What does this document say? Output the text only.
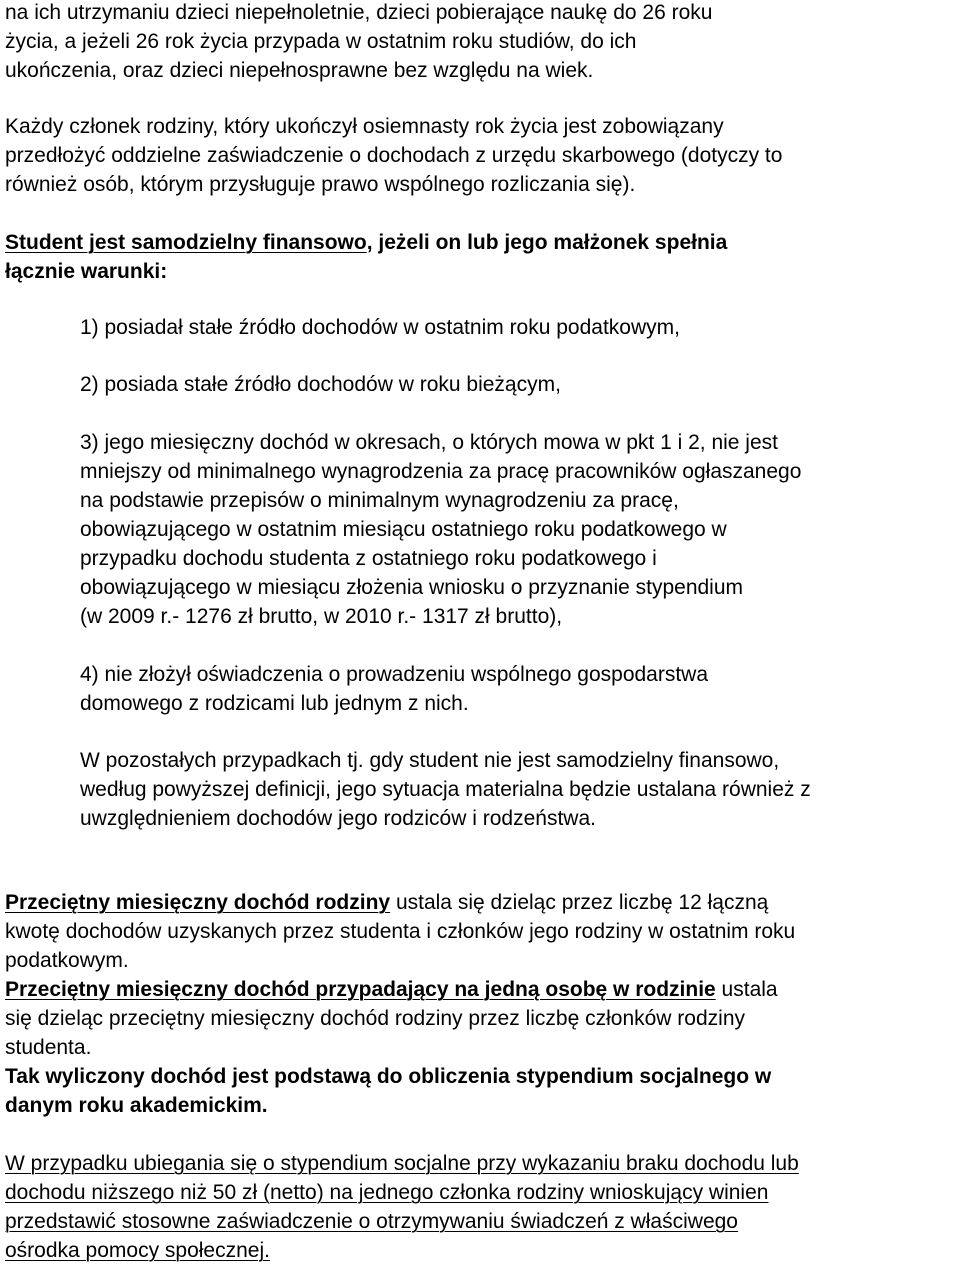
na ich utrzymaniu dzieci niepełnoletnie, dzieci pobierające naukę do 26 roku
życia, a jeżeli 26 rok życia przypada w ostatnim roku studiów, do ich
ukończenia, oraz dzieci niepełnosprawne bez względu na wiek.
Każdy członek rodziny, który ukończył osiemnasty rok życia jest zobowiązany
przedłożyć oddzielne zaświadczenie o dochodach z urzędu skarbowego (dotyczy to
również osób, którym przysługuje prawo wspólnego rozliczania się).
Student jest samodzielny finansowo, jeżeli on lub jego małżonek spełnia
łącznie warunki:
1) posiadał stałe źródło dochodów w ostatnim roku podatkowym,
2) posiada stałe źródło dochodów w roku bieżącym,
3) jego miesięczny dochód w okresach, o których mowa w pkt 1 i 2, nie jest
mniejszy od minimalnego wynagrodzenia za pracę pracowników ogłaszanego
na podstawie przepisów o minimalnym wynagrodzeniu za pracę,
obowiązującego w ostatnim miesiącu ostatniego roku podatkowego w
przypadku dochodu studenta z ostatniego roku podatkowego i
obowiązującego w miesiącu złożenia wniosku o przyznanie stypendium
(w 2009 r.- 1276 zł brutto, w 2010 r.- 1317 zł brutto),
4) nie złożył oświadczenia o prowadzeniu wspólnego gospodarstwa
domowego z rodzicami lub jednym z nich.
W pozostałych przypadkach tj. gdy student nie jest samodzielny finansowo,
według powyższej definicji, jego sytuacja materialna będzie ustalana również z
uwzględnieniem dochodów jego rodziców i rodzeństwa.
Przeciętny miesięczny dochód rodziny ustala się dzieląc przez liczbę 12 łączną
kwotę dochodów uzyskanych przez studenta i członków jego rodziny w ostatnim roku
podatkowym.
Przeciętny miesięczny dochód przypadający na jedną osobę w rodzinie ustala
się dzieląc przeciętny miesięczny dochód rodziny przez liczbę członków rodziny
studenta.
Tak wyliczony dochód jest podstawą do obliczenia stypendium socjalnego w
danym roku akademickim.
W przypadku ubiegania się o stypendium socjalne przy wykazaniu braku dochodu lub
dochodu niższego niż 50 zł (netto) na jednego członka rodziny wnioskujący winien
przedstawić stosowne zaświadczenie o otrzymywaniu świadczeń z właściwego
ośrodka pomocy społecznej.
